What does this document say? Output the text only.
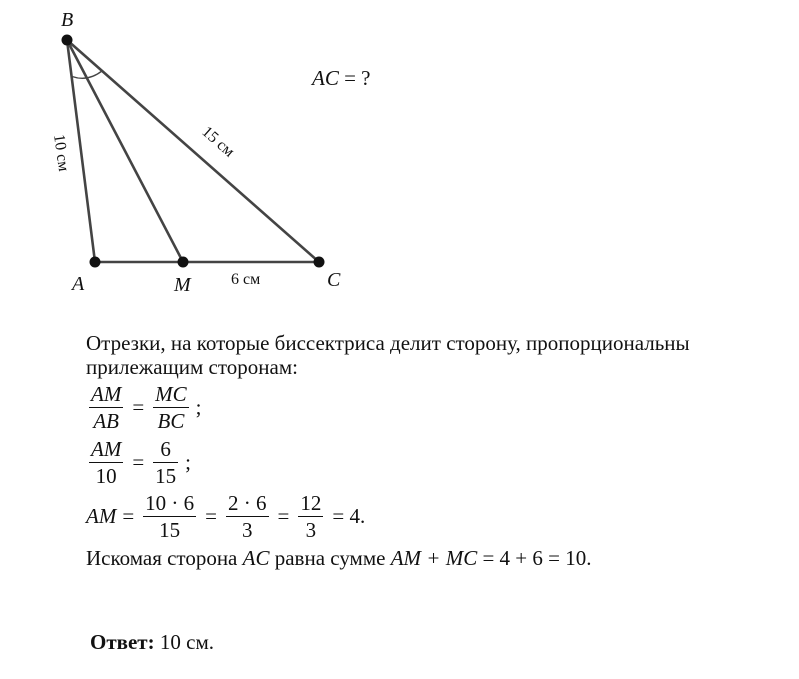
B
A	M	C
10 см	15 см
6 см
AC = ?
Отрезки, на которые биссектриса делит сторону, пропорциональны
прилежащим сторонам:
$\frac{AM}{AB} = \frac{MC}{BC}$ ;
$\frac{AM}{10} = \frac{6}{15}$ ;
AM = $\frac{10 \cdot 6}{15} = \frac{2 \cdot 6}{3} = \frac{12}{3} = 4$.
Искомая сторона AC равна сумме AM + MC = 4 + 6 = 10.
Ответ: 10 см.
